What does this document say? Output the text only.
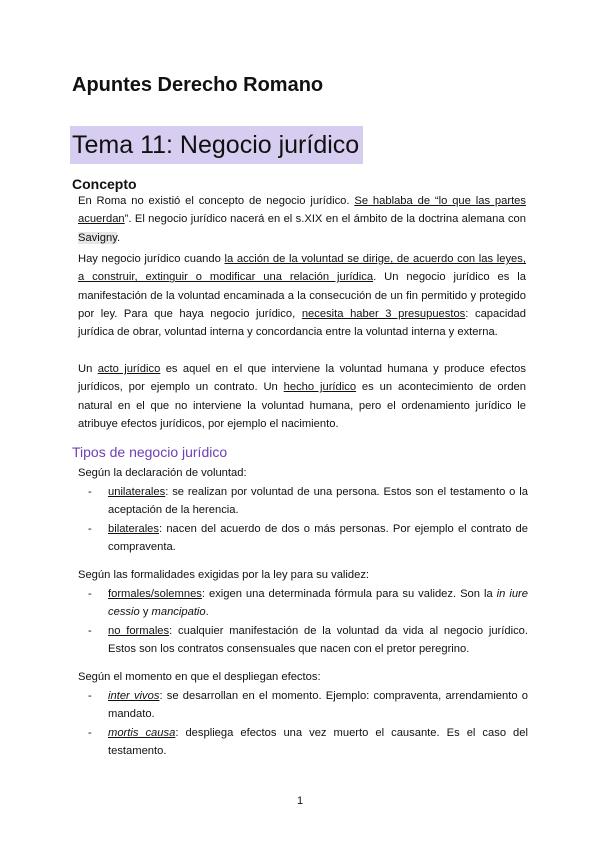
Apuntes Derecho Romano
Tema 11: Negocio jurídico
Concepto

En Roma no existió el concepto de negocio jurídico. Se hablaba de “lo que las partes acuerdan”. El negocio jurídico nacerá en el s.XIX en el ámbito de la doctrina alemana con Savigny.

Hay negocio jurídico cuando la acción de la voluntad se dirige, de acuerdo con las leyes, a construir, extinguir o modificar una relación jurídica. Un negocio jurídico es la manifestación de la voluntad encaminada a la consecución de un fin permitido y protegido por ley. Para que haya negocio jurídico, necesita haber 3 presupuestos: capacidad jurídica de obrar, voluntad interna y concordancia entre la voluntad interna y externa.

Un acto jurídico es aquel en el que interviene la voluntad humana y produce efectos jurídicos, por ejemplo un contrato. Un hecho jurídico es un acontecimiento de orden natural en el que no interviene la voluntad humana, pero el ordenamiento jurídico le atribuye efectos jurídicos, por ejemplo el nacimiento.

Tipos de negocio jurídico

Según la declaración de voluntad:

- unilaterales: se realizan por voluntad de una persona. Estos son el testamento o la aceptación de la herencia.
- bilaterales: nacen del acuerdo de dos o más personas. Por ejemplo el contrato de compraventa.

Según las formalidades exigidas por la ley para su validez:

- formales/solemnes: exigen una determinada fórmula para su validez. Son la in iure cessio y mancipatio.
- no formales: cualquier manifestación de la voluntad da vida al negocio jurídico. Estos son los contratos consensuales que nacen con el pretor peregrino.

Según el momento en que el despliegan efectos:

- inter vivos: se desarrollan en el momento. Ejemplo: compraventa, arrendamiento o mandato.
- mortis causa: despliega efectos una vez muerto el causante. Es el caso del testamento.
1
